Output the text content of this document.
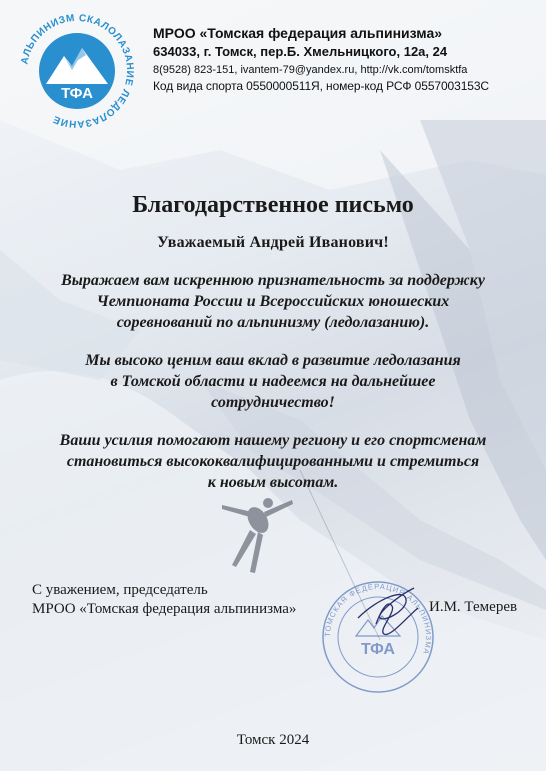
ТФА
АЛЬПИНИЗМ СКАЛОЛАЗАНИЕ ЛЕДОЛАЗАНИЕ
МРОО «Томская федерация альпинизма»
634033, г. Томск, пер.Б. Хмельницкого, 12а, 24
8(9528) 823-151, ivantem-79@yandex.ru, http://vk.com/tomsktfa
Код вида спорта 0550000511Я, номер-код РСФ 0557003153С
Благодарственное письмо
Уважаемый Андрей Иванович!
Выражаем вам искреннюю признательность за поддержку
Чемпионата России и Всероссийских юношеских
соревнований по альпинизму (ледолазанию).
Мы высоко ценим ваш вклад в развитие ледолазания
в Томской области и надеемся на дальнейшее
сотрудничество!
Ваши усилия помогают нашему региону и его спортсменам
становиться высококвалифицированными и стремиться
к новым высотам.
С уважением, председатель
МРОО «Томская федерация альпинизма»
ТОМСКАЯ ФЕДЕРАЦИЯ АЛЬПИНИЗМА
ТФА
И.М. Темерев
Томск 2024
